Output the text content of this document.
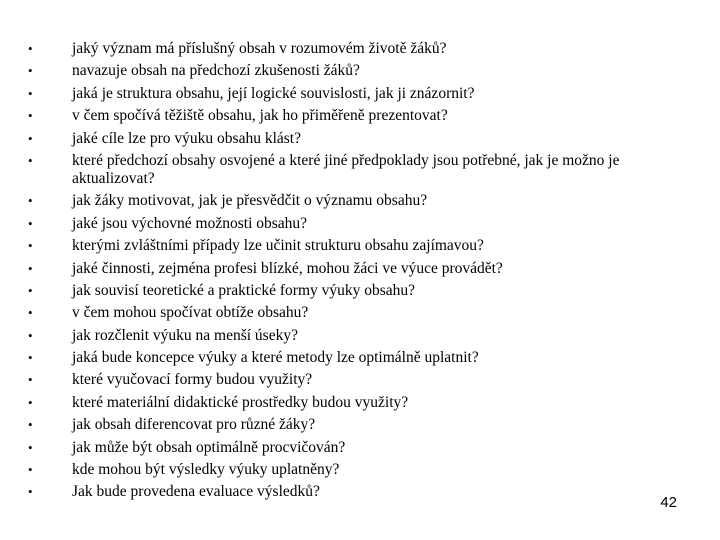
•	jaký význam má příslušný obsah v rozumovém životě žáků?
•	navazuje obsah na předchozí zkušenosti žáků?
•	jaká je struktura obsahu, její logické souvislosti, jak ji znázornit?
•	v čem spočívá těžiště obsahu, jak ho přiměřeně prezentovat?
•	jaké cíle lze pro výuku obsahu klást?
•	které předchozí obsahy osvojené a které jiné předpoklady jsou potřebné, jak je možno je aktualizovat?
•	jak žáky motivovat, jak je přesvědčit o významu obsahu?
•	jaké jsou výchovné možnosti obsahu?
•	kterými zvláštními případy lze učinit strukturu obsahu zajímavou?
•	jaké činnosti, zejména profesi blízké, mohou žáci ve výuce provádět?
•	jak souvisí teoretické a praktické formy výuky obsahu?
•	v čem mohou spočívat obtíže obsahu?
•	jak rozčlenit výuku na menší úseky?
•	jaká bude koncepce výuky a které metody lze optimálně uplatnit?
•	které vyučovací formy budou využity?
•	které materiální didaktické prostředky budou využity?
•	jak obsah diferencovat pro různé žáky?
•	jak může být obsah optimálně procvičován?
•	kde mohou být výsledky výuky uplatněny?
•	Jak bude provedena evaluace výsledků?
42
